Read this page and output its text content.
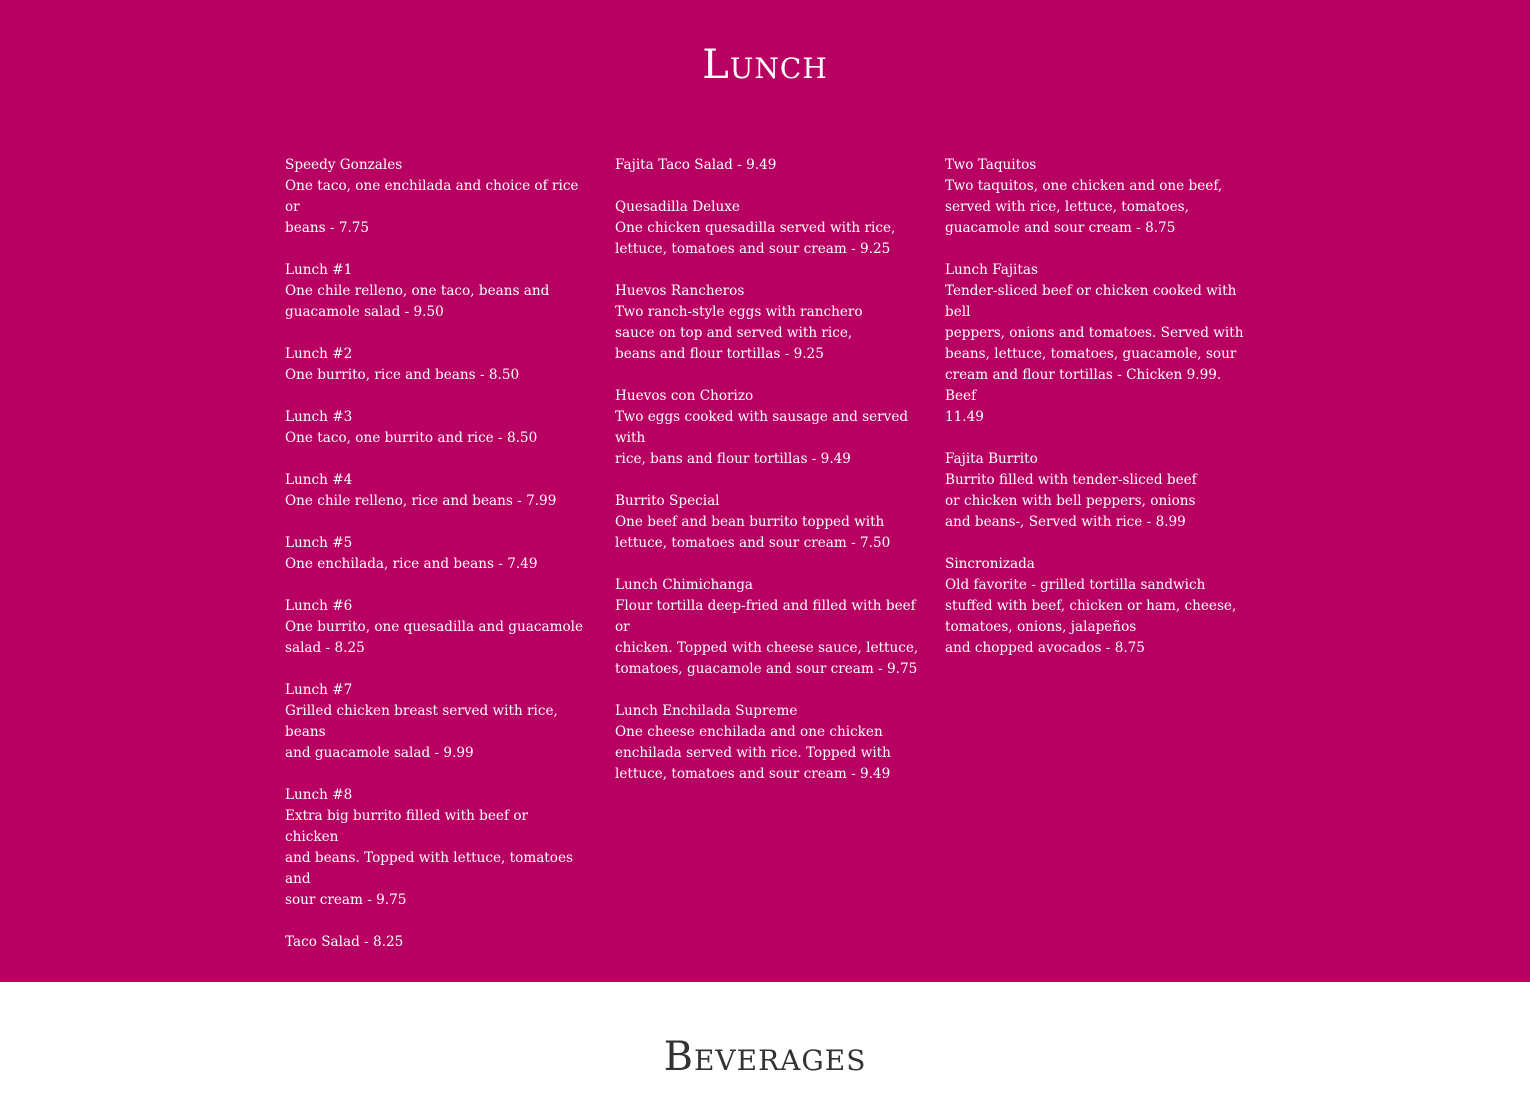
Lunch
Speedy Gonzales
One taco, one enchilada and choice of rice or
beans - 7.75
Lunch #1
One chile relleno, one taco, beans and
guacamole salad - 9.50
Lunch #2
One burrito, rice and beans - 8.50
Lunch #3
One taco, one burrito and rice - 8.50
Lunch #4
One chile relleno, rice and beans - 7.99
Lunch #5
One enchilada, rice and beans - 7.49
Lunch #6
One burrito, one quesadilla and guacamole
salad - 8.25
Lunch #7
Grilled chicken breast served with rice, beans
and guacamole salad - 9.99
Lunch #8
Extra big burrito filled with beef or chicken
and beans. Topped with lettuce, tomatoes and
sour cream - 9.75
Taco Salad - 8.25
Fajita Taco Salad - 9.49
Quesadilla Deluxe
One chicken quesadilla served with rice,
lettuce, tomatoes and sour cream - 9.25
Huevos Rancheros
Two ranch-style eggs with ranchero
sauce on top and served with rice,
beans and flour tortillas - 9.25
Huevos con Chorizo
Two eggs cooked with sausage and served with
rice, bans and flour tortillas - 9.49
Burrito Special
One beef and bean burrito topped with
lettuce, tomatoes and sour cream - 7.50
Lunch Chimichanga
Flour tortilla deep-fried and filled with beef or
chicken. Topped with cheese sauce, lettuce,
tomatoes, guacamole and sour cream - 9.75
Lunch Enchilada Supreme
One cheese enchilada and one chicken
enchilada served with rice. Topped with
lettuce, tomatoes and sour cream - 9.49
Two Taquitos
Two taquitos, one chicken and one beef,
served with rice, lettuce, tomatoes,
guacamole and sour cream - 8.75
Lunch Fajitas
Tender-sliced beef or chicken cooked with bell
peppers, onions and tomatoes. Served with
beans, lettuce, tomatoes, guacamole, sour
cream and flour tortillas - Chicken 9.99. Beef
11.49
Fajita Burrito
Burrito filled with tender-sliced beef
or chicken with bell peppers, onions
and beans-, Served with rice - 8.99
Sincronizada
Old favorite - grilled tortilla sandwich
stuffed with beef, chicken or ham, cheese,
tomatoes, onions, jalapeños
and chopped avocados - 8.75
Beverages
